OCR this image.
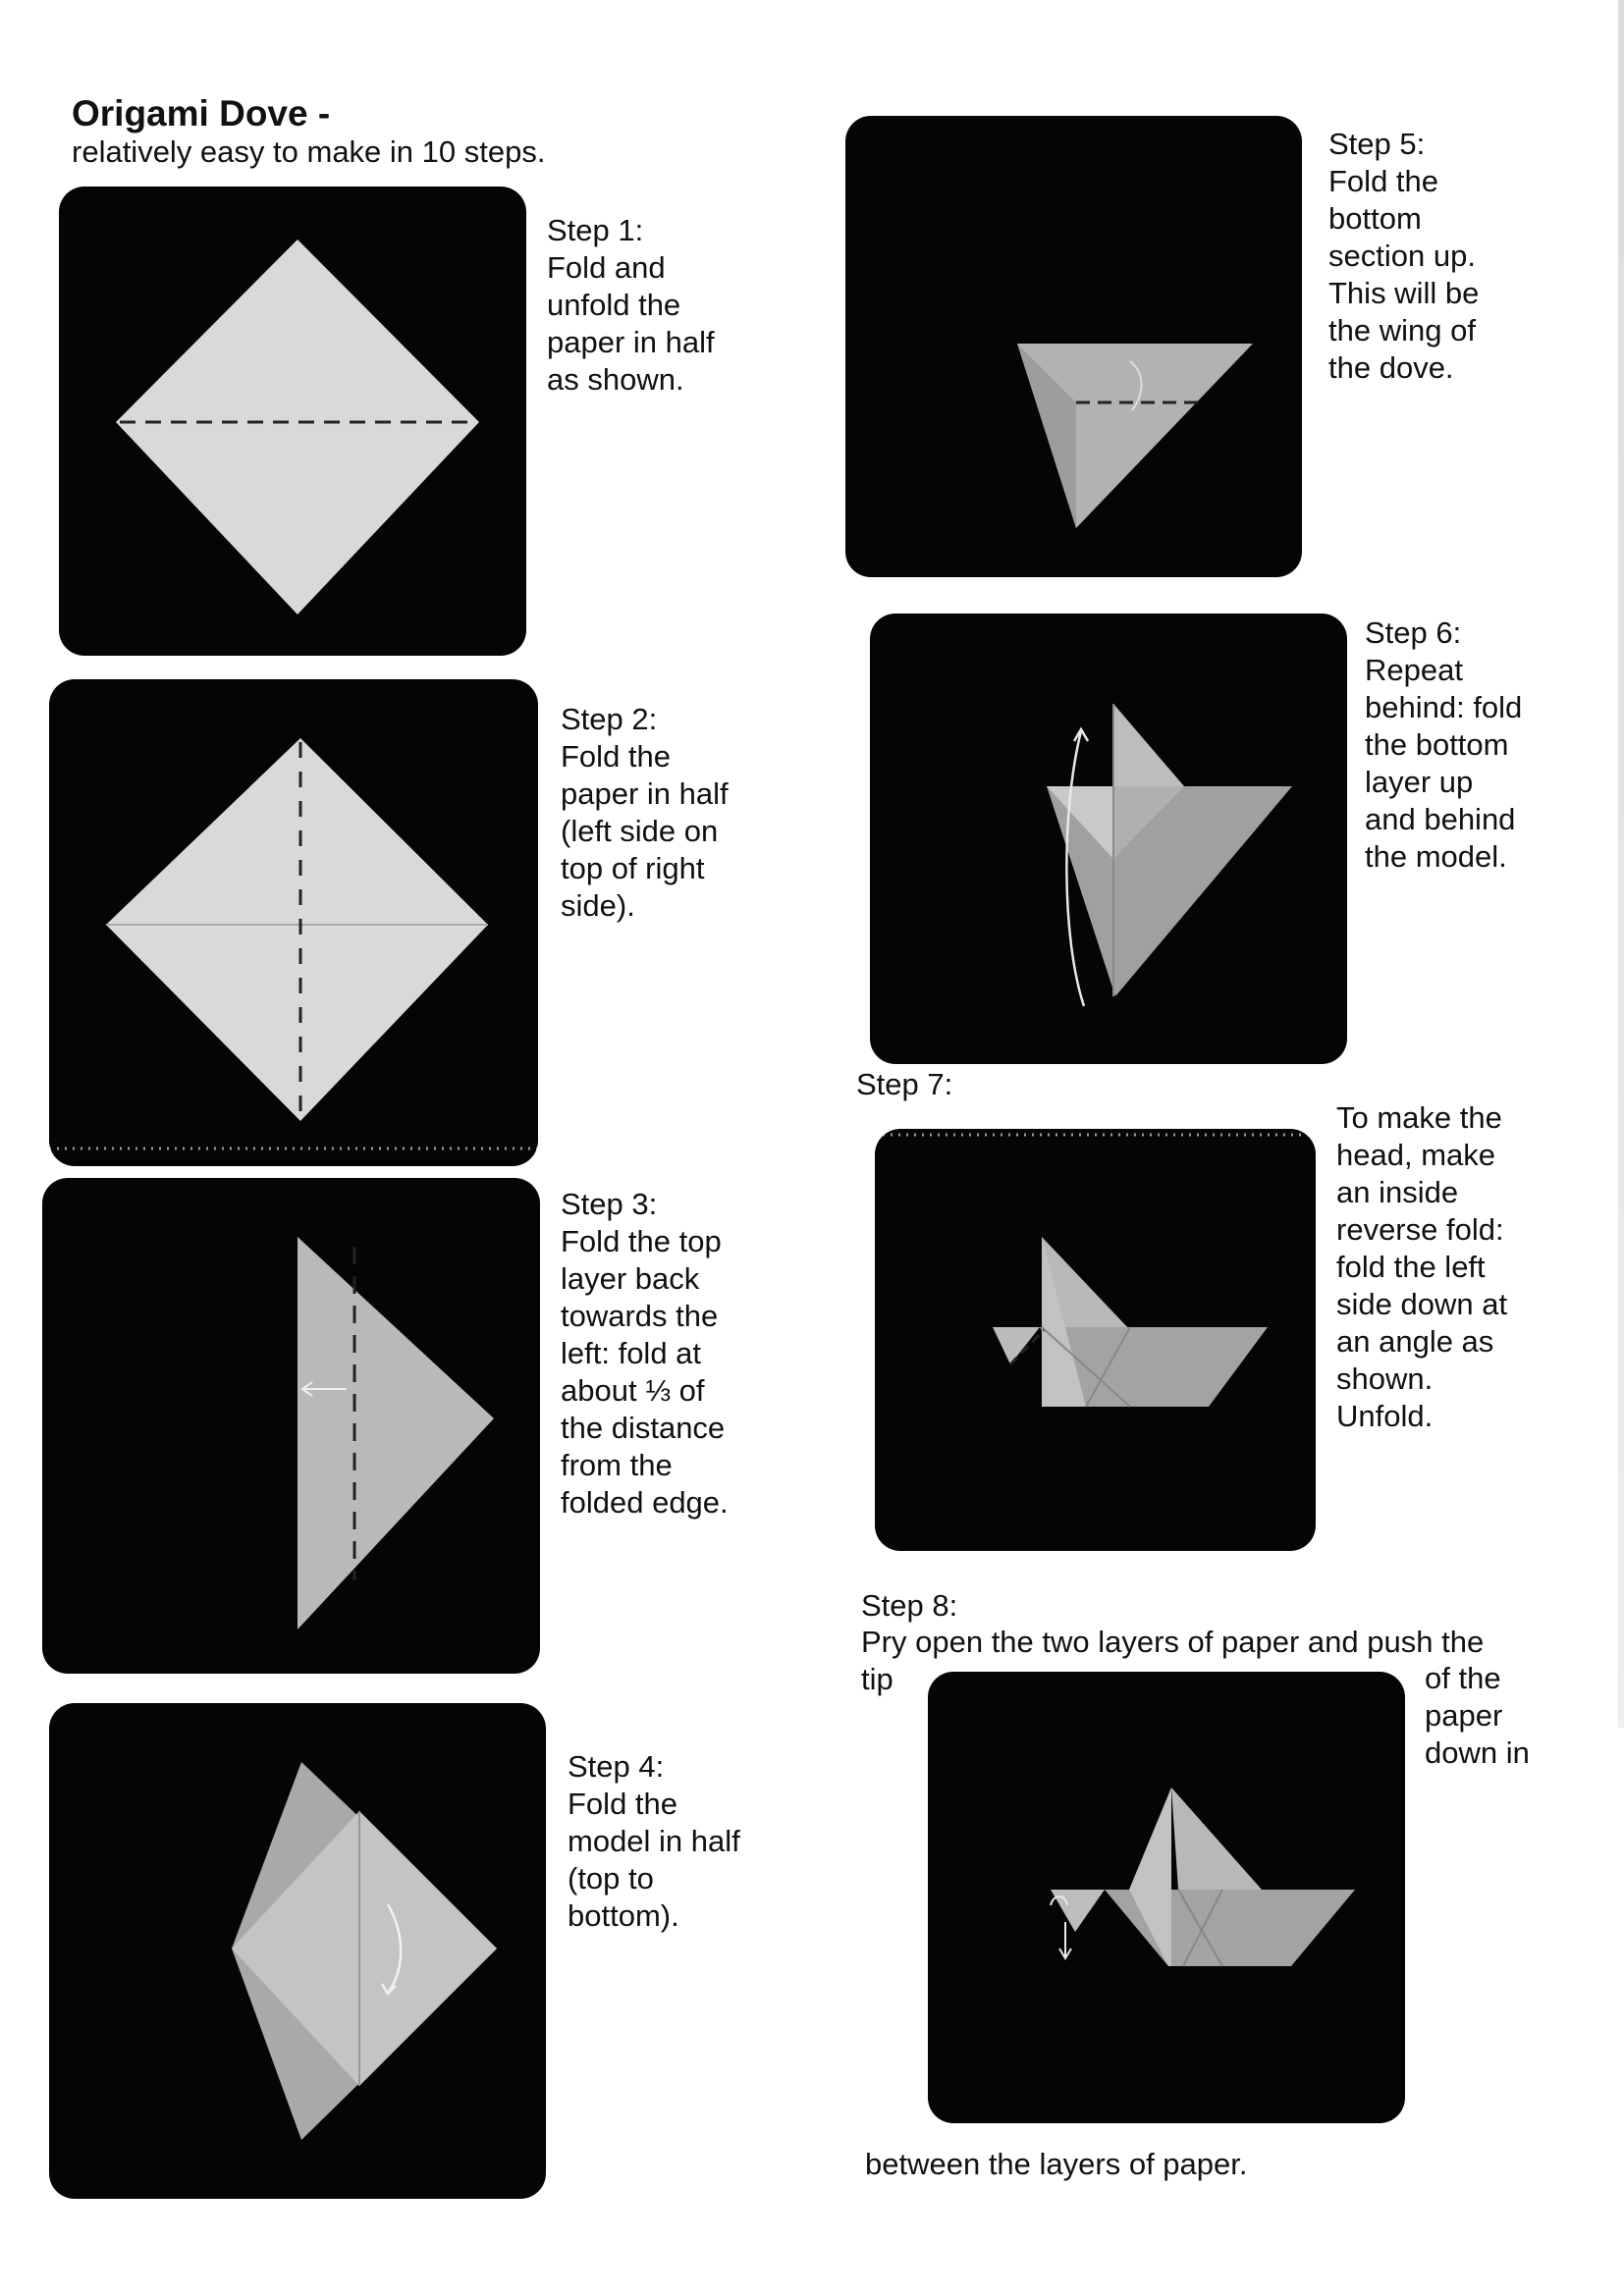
Origami Dove -

relatively easy to make in 10 steps.

Step 1:
Fold and
unfold the
paper in half
as shown.
Step 2:
Fold the
paper in half
(left side on
top of right
side).
Step 3:
Fold the top
layer back
towards the
left: fold at
about ⅓ of
the distance
from the
folded edge.
Step 4:
Fold the
model in half
(top to
bottom).
Step 5:
Fold the
bottom
section up.
This will be
the wing of
the dove.
Step 6:
Repeat
behind: fold
the bottom
layer up
and behind
the model.

Step 7:

To make the
head, make
an inside
reverse fold:
fold the left
side down at
an angle as
shown.
Unfold.

Step 8:

Pry open the two layers of paper and push the

tip	of the
paper
down in

between the layers of paper.
